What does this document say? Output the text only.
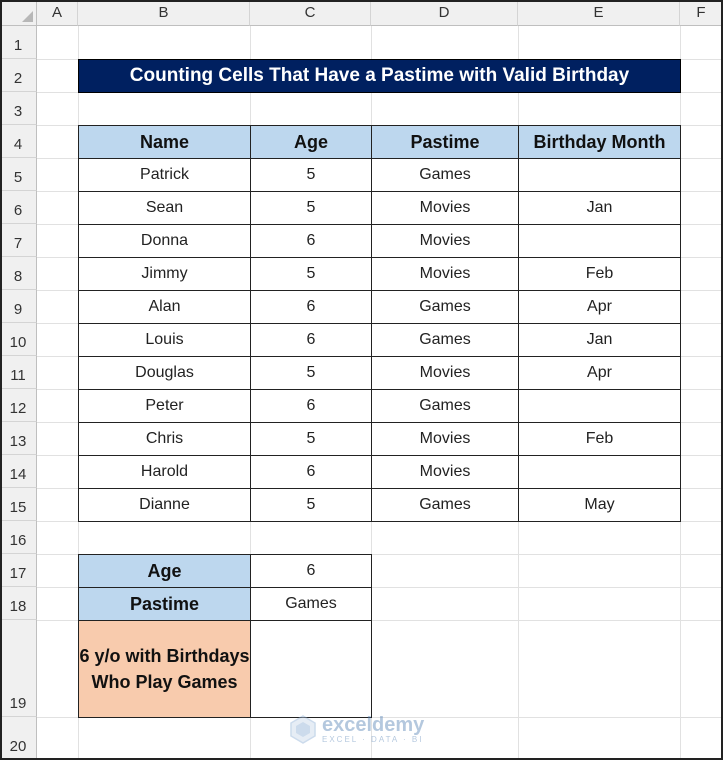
A	B	C	D	E	F
1
2
3
4
5
6
7
8
9
10
11
12
13
14
15
16
17
18
19
20
Counting Cells That Have a Pastime with Valid Birthday
Name	Age	Pastime	Birthday Month
Patrick	5	Games
Sean	5	Movies	Jan
Donna	6	Movies
Jimmy	5	Movies	Feb
Alan	6	Games	Apr
Louis	6	Games	Jan
Douglas	5	Movies	Apr
Peter	6	Games
Chris	5	Movies	Feb
Harold	6	Movies
Dianne	5	Games	May
Age	6
Pastime	Games
6 y/o with Birthdays Who Play Games
exceldemy
EXCEL · DATA · BI
